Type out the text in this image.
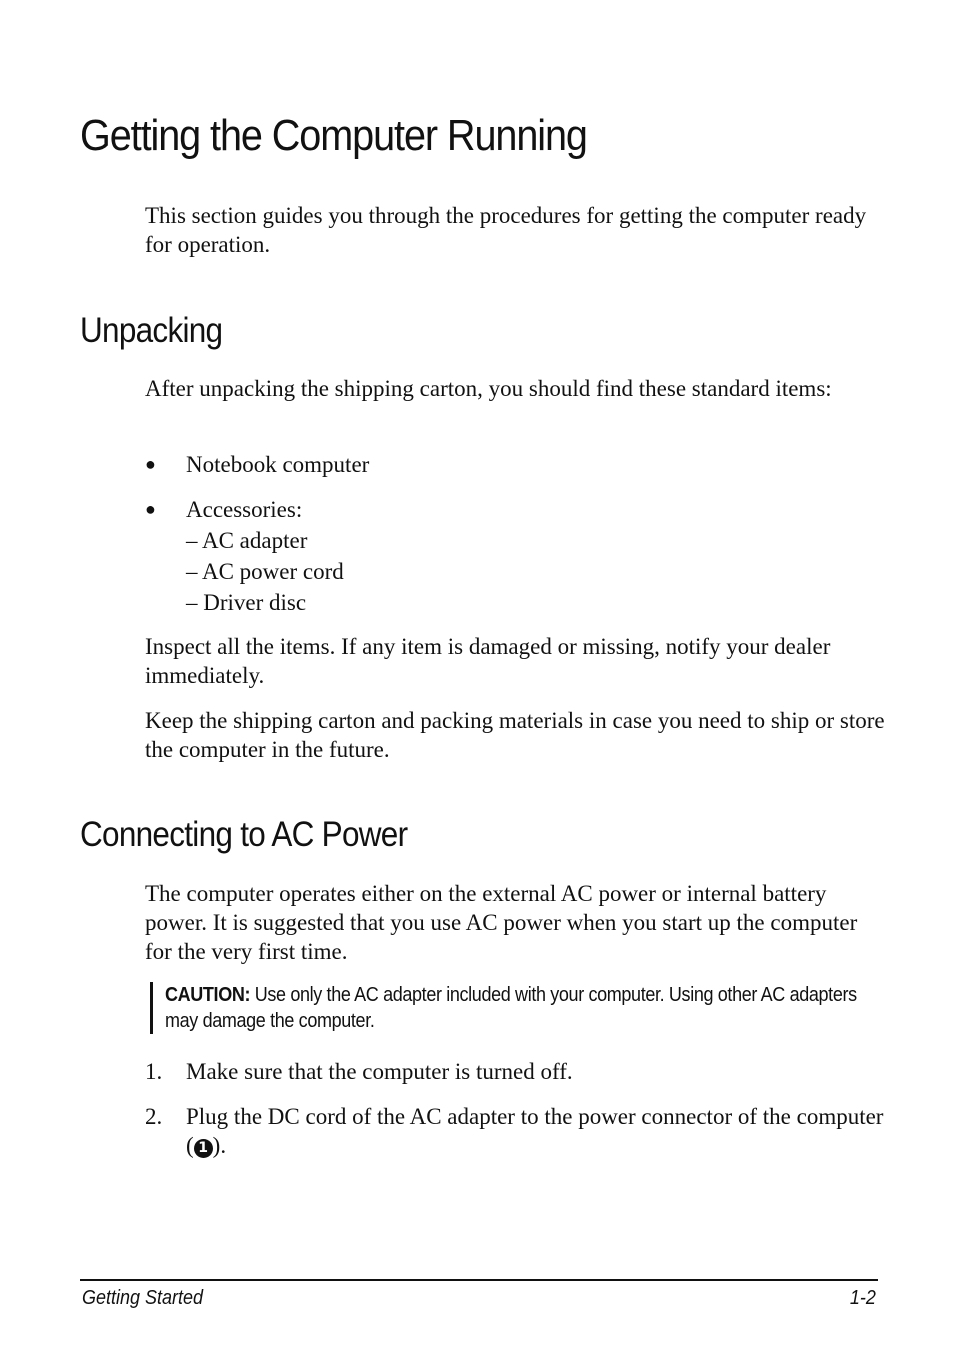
Getting the Computer Running
This section guides you through the procedures for getting the computer ready for operation.
Unpacking
After unpacking the shipping carton, you should find these standard items:
● Notebook computer
● Accessories:
– AC adapter
– AC power cord
– Driver disc
Inspect all the items. If any item is damaged or missing, notify your dealer immediately.
Keep the shipping carton and packing materials in case you need to ship or store the computer in the future.
Connecting to AC Power
The computer operates either on the external AC power or internal battery power. It is suggested that you use AC power when you start up the computer for the very first time.
CAUTION: Use only the AC adapter included with your computer. Using other AC adapters may damage the computer.
1. Make sure that the computer is turned off.
2. Plug the DC cord of the AC adapter to the power connector of the computer ( 1 ).
Getting Started	1-2
